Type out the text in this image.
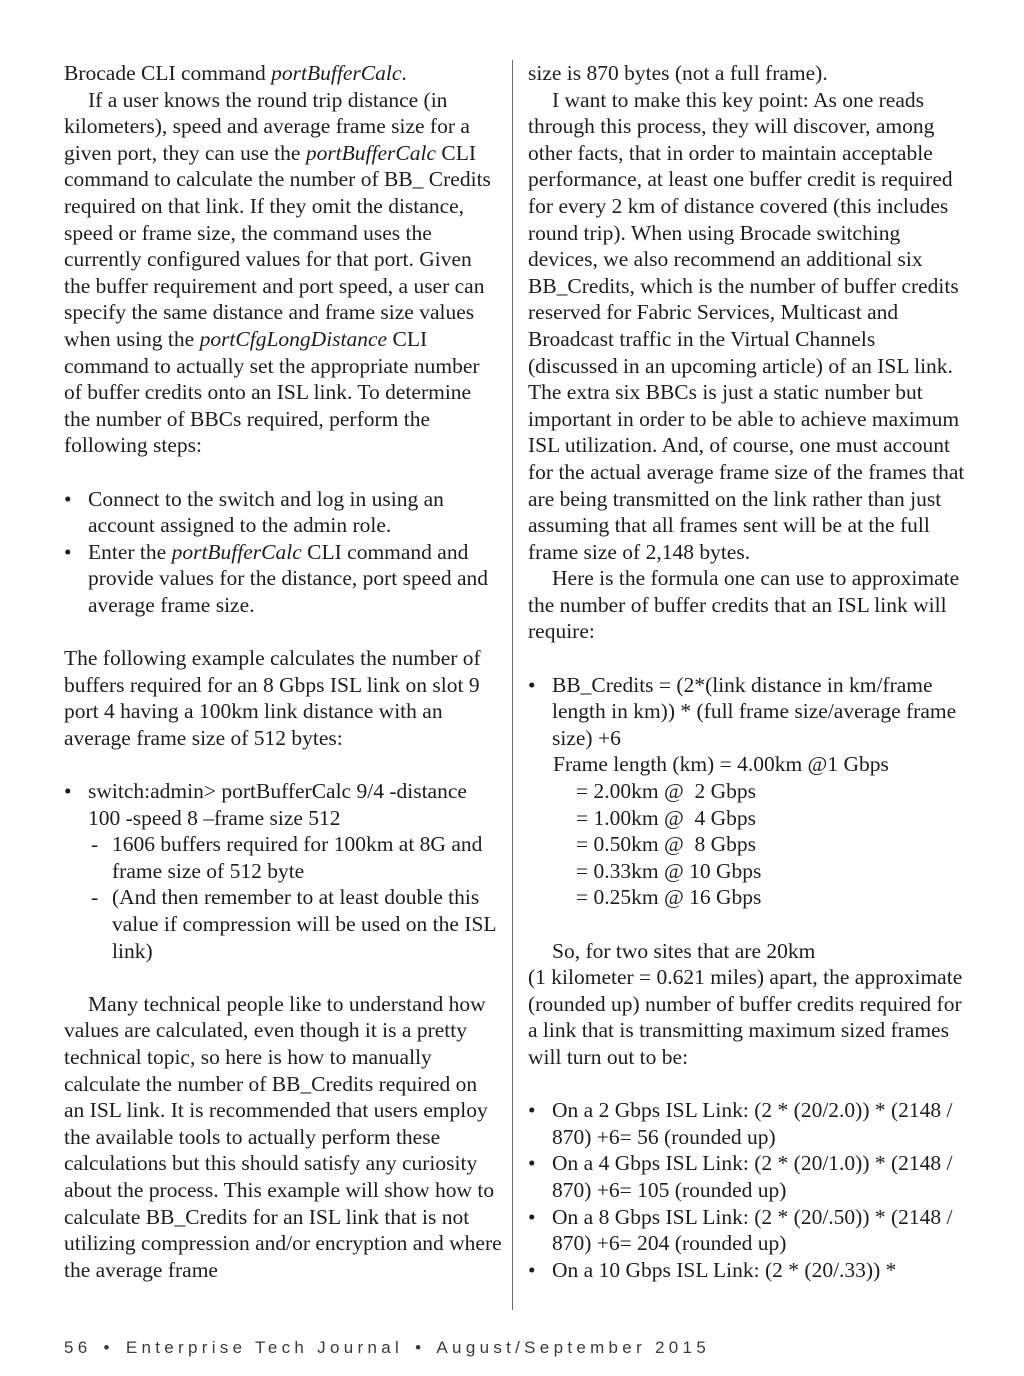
Brocade CLI command portBufferCalc.

If a user knows the round trip distance (in kilometers), speed and average frame size for a given port, they can use the portBufferCalc CLI command to calculate the number of BB_ Credits required on that link. If they omit the distance, speed or frame size, the command uses the currently configured values for that port. Given the buffer requirement and port speed, a user can specify the same distance and frame size values when using the portCfgLongDistance CLI command to actually set the appropriate number of buffer credits onto an ISL link. To determine the number of BBCs required, perform the following steps:

• Connect to the switch and log in using an account assigned to the admin role.
• Enter the portBufferCalc CLI command and provide values for the distance, port speed and average frame size.

The following example calculates the number of buffers required for an 8 Gbps ISL link on slot 9 port 4 having a 100km link distance with an average frame size of 512 bytes:

• switch:admin> portBufferCalc 9/4 -distance 100 -speed 8 –frame size 512
- 1606 buffers required for 100km at 8G and frame size of 512 byte
- (And then remember to at least double this value if compression will be used on the ISL link)

Many technical people like to understand how values are calculated, even though it is a pretty technical topic, so here is how to manually calculate the number of BB_Credits required on an ISL link. It is recommended that users employ the available tools to actually perform these calculations but this should satisfy any curiosity about the process. This example will show how to calculate BB_Credits for an ISL link that is not utilizing compression and/or encryption and where the average frame

size is 870 bytes (not a full frame).

I want to make this key point: As one reads through this process, they will discover, among other facts, that in order to maintain acceptable performance, at least one buffer credit is required for every 2 km of distance covered (this includes round trip). When using Brocade switching devices, we also recommend an additional six BB_Credits, which is the number of buffer credits reserved for Fabric Services, Multicast and Broadcast traffic in the Virtual Channels (discussed in an upcoming article) of an ISL link. The extra six BBCs is just a static number but important in order to be able to achieve maximum ISL utilization. And, of course, one must account for the actual average frame size of the frames that are being transmitted on the link rather than just assuming that all frames sent will be at the full frame size of 2,148 bytes.

Here is the formula one can use to approximate the number of buffer credits that an ISL link will require:

• BB_Credits = (2*(link distance in km/frame length in km)) * (full frame size/average frame size) +6
Frame length (km) = 4.00km @1 Gbps
= 2.00km @  2 Gbps
= 1.00km @  4 Gbps
= 0.50km @  8 Gbps
= 0.33km @ 10 Gbps
= 0.25km @ 16 Gbps

So, for two sites that are 20km

(1 kilometer = 0.621 miles) apart, the approximate (rounded up) number of buffer credits required for a link that is transmitting maximum sized frames will turn out to be:

• On a 2 Gbps ISL Link: (2 * (20/2.0)) * (2148 / 870) +6= 56 (rounded up)
• On a 4 Gbps ISL Link: (2 * (20/1.0)) * (2148 / 870) +6= 105 (rounded up)
• On a 8 Gbps ISL Link: (2 * (20/.50)) * (2148 / 870) +6= 204 (rounded up)
• On a 10 Gbps ISL Link: (2 * (20/.33)) *
56 • Enterprise Tech Journal • August/September 2015
